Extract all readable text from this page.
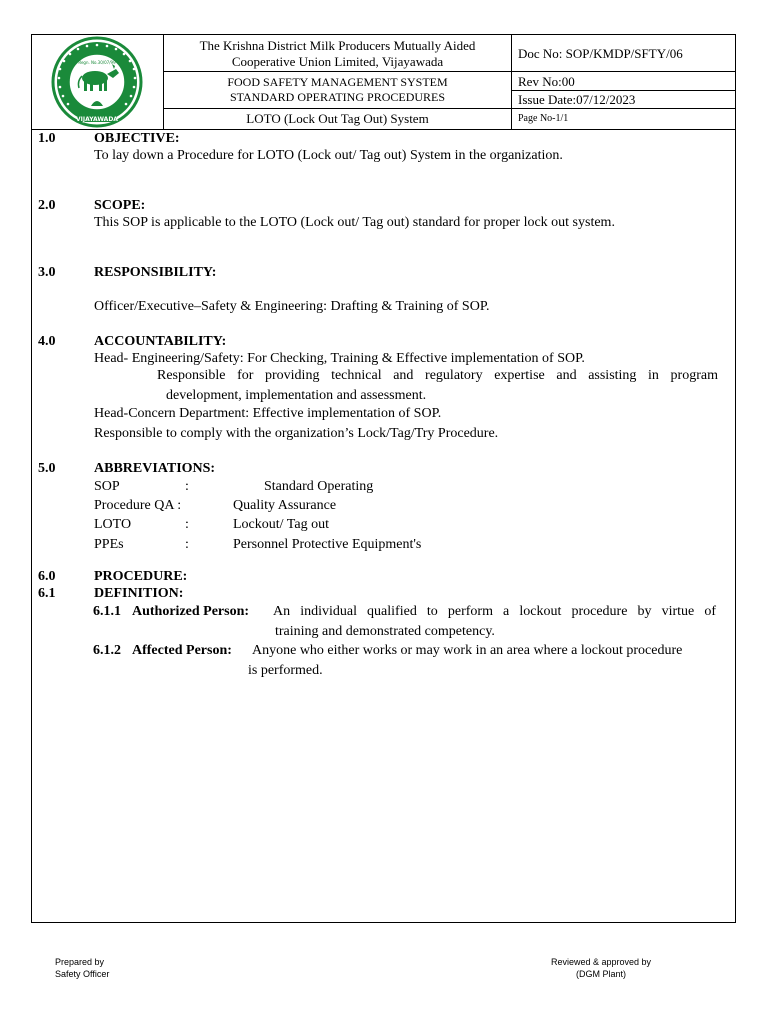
VIJAYAWADA
Regn. No.30/07/99
The Krishna District Milk Producers Mutually Aided
Cooperative Union Limited, Vijayawada
FOOD SAFETY MANAGEMENT SYSTEM
STANDARD OPERATING PROCEDURES
LOTO (Lock Out Tag Out) System
Doc No: SOP/KMDP/SFTY/06
Rev No:00
Issue Date:07/12/2023
Page No-1/1
1.0	OBJECTIVE:
To lay down a Procedure for LOTO (Lock out/ Tag out) System in the organization.
2.0	SCOPE:
This SOP is applicable to the LOTO (Lock out/ Tag out) standard for proper lock out system.
3.0	RESPONSIBILITY:
Officer/Executive–Safety & Engineering: Drafting & Training of SOP.
4.0	ACCOUNTABILITY:
Head- Engineering/Safety: For Checking, Training & Effective implementation of SOP.
Responsible for providing technical and regulatory expertise and assisting in program
development, implementation and assessment.
Head-Concern Department: Effective implementation of SOP.
Responsible to comply with the organization’s Lock/Tag/Try Procedure.
5.0	ABBREVIATIONS:
SOP	:	Standard Operating
Procedure QA :	Quality Assurance
LOTO	:	Lockout/ Tag out
PPEs	:	Personnel Protective Equipment's
6.0	PROCEDURE:
6.1	DEFINITION:
6.1.1 Authorized Person: An individual qualified to perform a lockout procedure by virtue of
training and demonstrated competency.
6.1.2 Affected Person: Anyone who either works or may work in an area where a lockout procedure
is performed.
Prepared by
Safety Officer
Reviewed & approved by
(DGM Plant)
